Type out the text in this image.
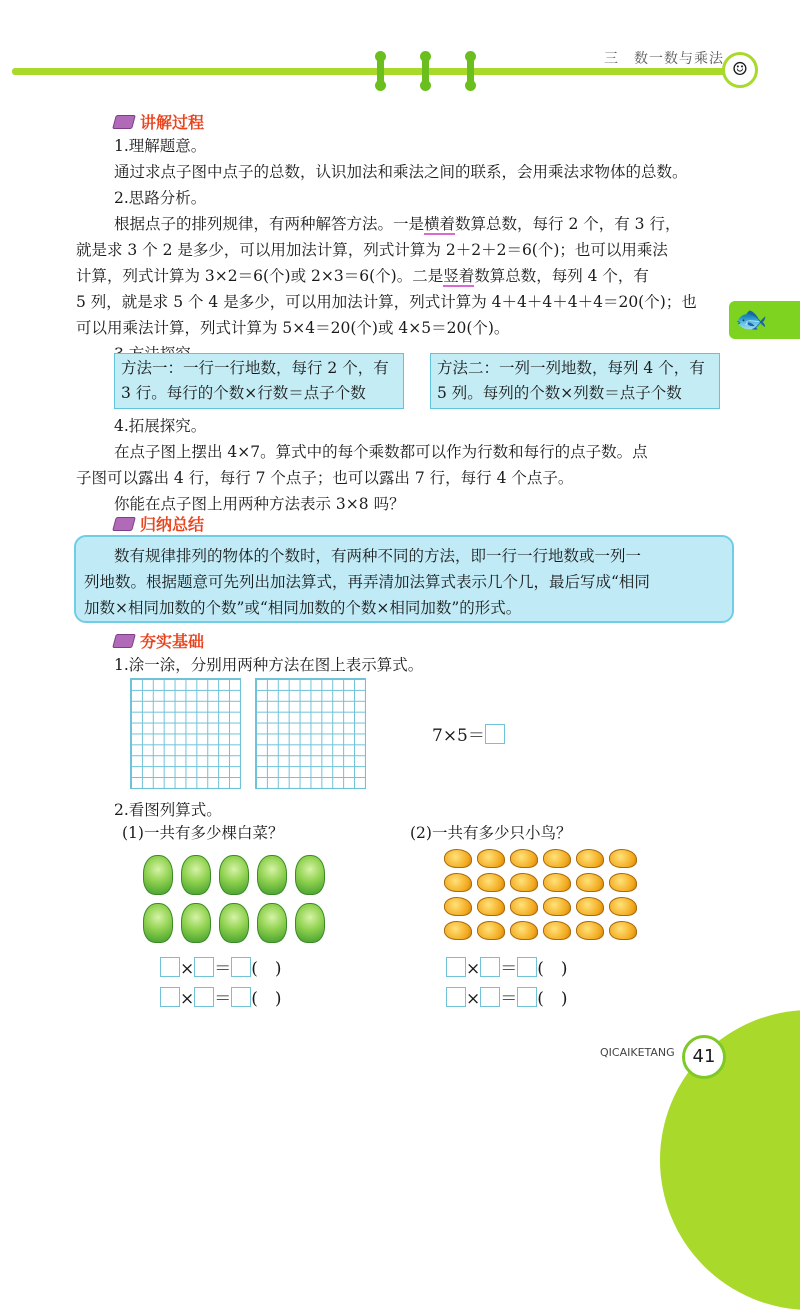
三　数一数与乘法 ☺
🐟
讲解过程
1.理解题意。
通过求点子图中点子的总数，认识加法和乘法之间的联系，会用乘法求物体的总数。
2.思路分析。
根据点子的排列规律，有两种解答方法。一是横着数算总数，每行 2 个，有 3 行，
就是求 3 个 2 是多少，可以用加法计算，列式计算为 2＋2＋2＝6(个)；也可以用乘法
计算，列式计算为 3×2＝6(个)或 2×3＝6(个)。二是竖着数算总数，每列 4 个，有
5 列，就是求 5 个 4 是多少，可以用加法计算，列式计算为 4＋4＋4＋4＋4＝20(个)；也
可以用乘法计算，列式计算为 5×4＝20(个)或 4×5＝20(个)。
方法一：一行一行地数，每行 2 个，有
3 行。每行的个数×行数＝点子个数
方法二：一列一列地数，每列 4 个，有
5 列。每列的个数×列数＝点子个数
4.拓展探究。
在点子图上摆出 4×7。算式中的每个乘数都可以作为行数和每行的点子数。点
子图可以露出 4 行，每行 7 个点子；也可以露出 7 行，每行 4 个点子。
你能在点子图上用两种方法表示 3×8 吗？
归纳总结
数有规律排列的物体的个数时，有两种不同的方法，即一行一行地数或一列一
列地数。根据题意可先列出加法算式，再弄清加法算式表示几个几，最后写成“相同
加数×相同加数的个数”或“相同加数的个数×相同加数”的形式。
夯实基础
1.涂一涂，分别用两种方法在图上表示算式。
7×5＝
2.看图列算式。
(1)一共有多少棵白菜？	(2)一共有多少只小鸟？
× ＝ (　)
× ＝ (　)
× ＝ (　)
× ＝ (　)
QICAIKETANG 41
